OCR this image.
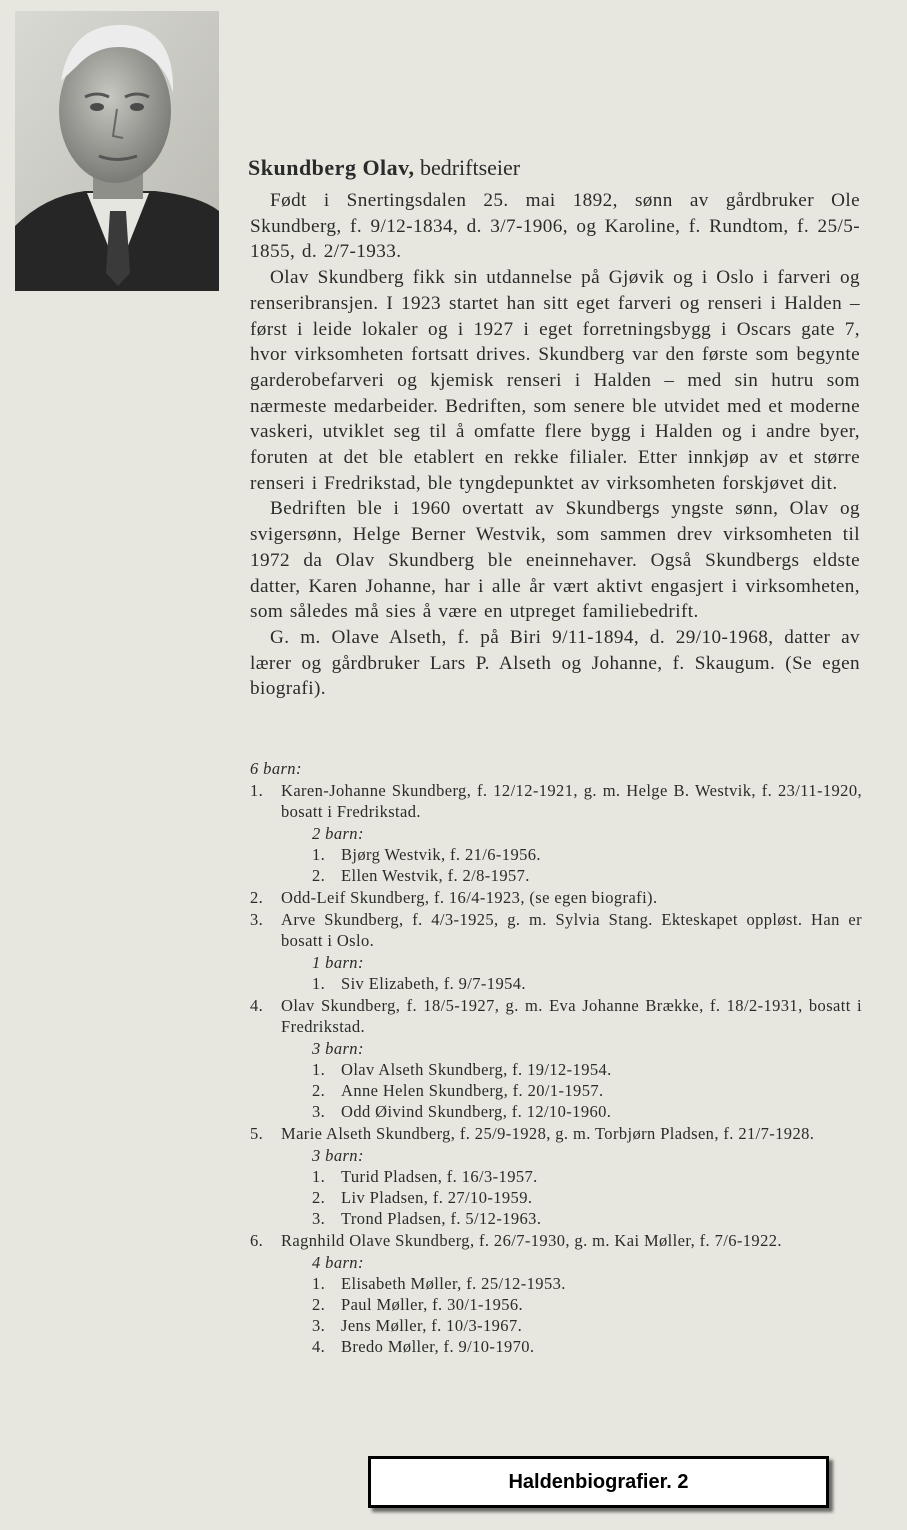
Skundberg Olav, bedriftseier

Født i Snertingsdalen 25. mai 1892, sønn av gårdbruker Ole Skundberg, f. 9/12-1834, d. 3/7-1906, og Karoline, f. Rundtom, f. 25/5-1855, d. 2/7-1933.

Olav Skundberg fikk sin utdannelse på Gjøvik og i Oslo i farveri og renseribransjen. I 1923 startet han sitt eget farveri og renseri i Halden – først i leide lokaler og i 1927 i eget forretningsbygg i Oscars gate 7, hvor virksomheten fortsatt drives. Skundberg var den første som begynte garderobefarveri og kjemisk renseri i Halden – med sin hutru som nærmeste medarbeider. Bedriften, som senere ble utvidet med et moderne vaskeri, utviklet seg til å omfatte flere bygg i Halden og i andre byer, foruten at det ble etablert en rekke filialer. Etter innkjøp av et større renseri i Fredrikstad, ble tyngdepunktet av virksomheten forskjøvet dit.

Bedriften ble i 1960 overtatt av Skundbergs yngste sønn, Olav og svigersønn, Helge Berner Westvik, som sammen drev virksomheten til 1972 da Olav Skundberg ble eneinnehaver. Også Skundbergs eldste datter, Karen Johanne, har i alle år vært aktivt engasjert i virksomheten, som således må sies å være en utpreget familiebedrift.

G. m. Olave Alseth, f. på Biri 9/11-1894, d. 29/10-1968, datter av lærer og gårdbruker Lars P. Alseth og Johanne, f. Skaugum. (Se egen biografi).

6 barn:
1. Karen-Johanne Skundberg, f. 12/12-1921, g. m. Helge B. Westvik, f. 23/11-1920, bosatt i Fredrikstad.
2 barn:
1. Bjørg Westvik, f. 21/6-1956.
2. Ellen Westvik, f. 2/8-1957.
2. Odd-Leif Skundberg, f. 16/4-1923, (se egen biografi).
3. Arve Skundberg, f. 4/3-1925, g. m. Sylvia Stang. Ekteskapet oppløst. Han er bosatt i Oslo.
1 barn:
1. Siv Elizabeth, f. 9/7-1954.
4. Olav Skundberg, f. 18/5-1927, g. m. Eva Johanne Brække, f. 18/2-1931, bosatt i Fredrikstad.
3 barn:
1. Olav Alseth Skundberg, f. 19/12-1954.
2. Anne Helen Skundberg, f. 20/1-1957.
3. Odd Øivind Skundberg, f. 12/10-1960.
5. Marie Alseth Skundberg, f. 25/9-1928, g. m. Torbjørn Pladsen, f. 21/7-1928.
3 barn:
1. Turid Pladsen, f. 16/3-1957.
2. Liv Pladsen, f. 27/10-1959.
3. Trond Pladsen, f. 5/12-1963.
6. Ragnhild Olave Skundberg, f. 26/7-1930, g. m. Kai Møller, f. 7/6-1922.
4 barn:
1. Elisabeth Møller, f. 25/12-1953.
2. Paul Møller, f. 30/1-1956.
3. Jens Møller, f. 10/3-1967.
4. Bredo Møller, f. 9/10-1970.
Haldenbiografier. 2
